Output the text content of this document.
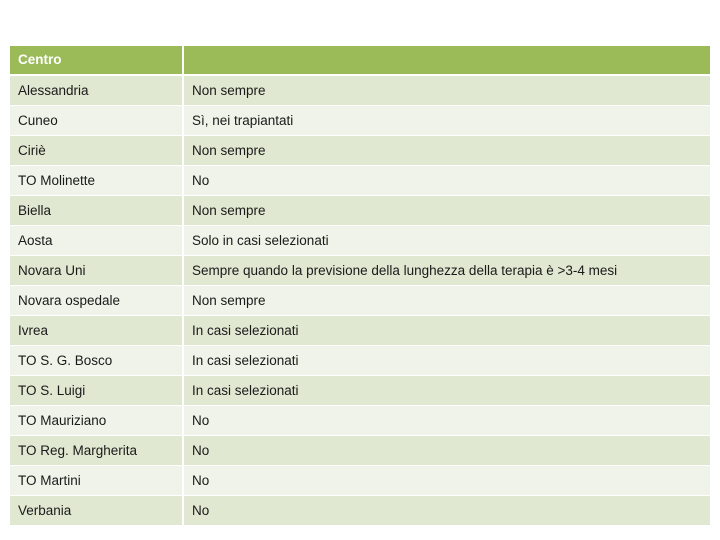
Centro	
Alessandria	Non sempre
Cuneo	Sì, nei trapiantati
Ciriè	Non sempre
TO Molinette	No
Biella	Non sempre
Aosta	Solo in casi selezionati
Novara Uni	Sempre quando la previsione della lunghezza della terapia è >3-4 mesi
Novara ospedale	Non sempre
Ivrea	In casi selezionati
TO S. G. Bosco	In casi selezionati
TO S. Luigi	In casi selezionati
TO Mauriziano	No
TO Reg. Margherita	No
TO Martini	No
Verbania	No
